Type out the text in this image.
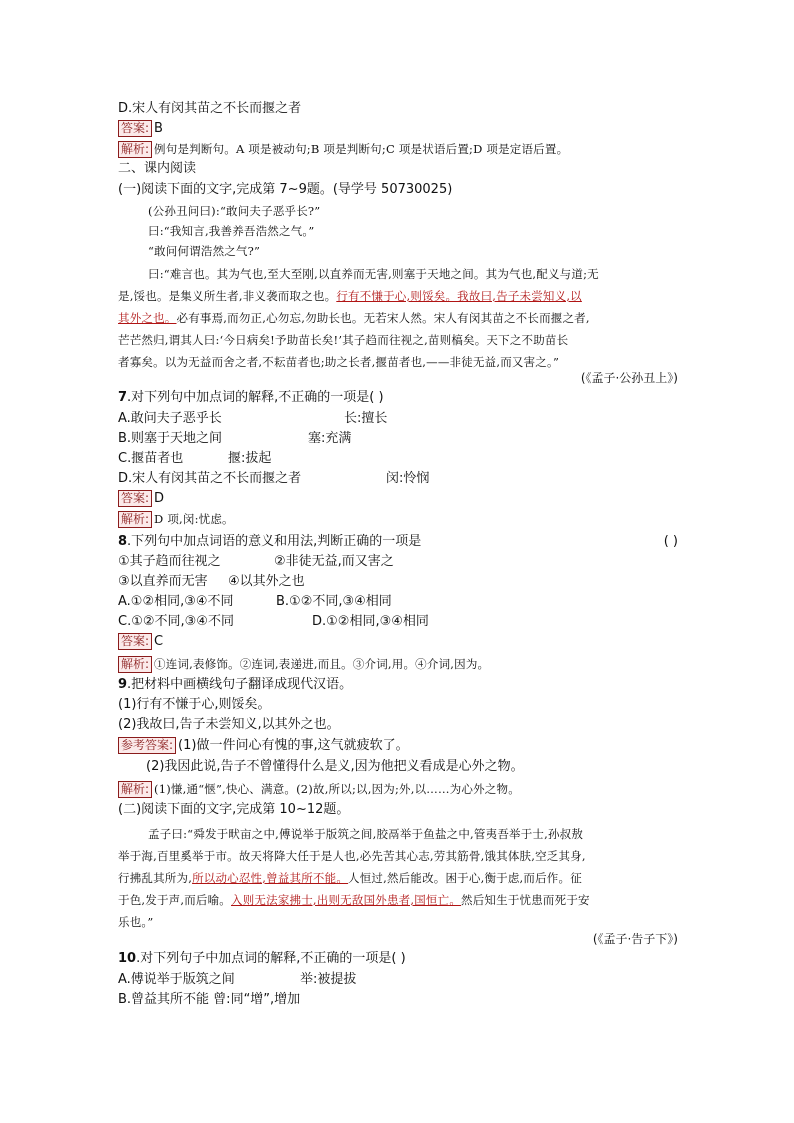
D.宋人有闵其苗之不长而揠之者
答案: B
解析: 例句是判断句。A 项是被动句;B 项是判断句;C 项是状语后置;D 项是定语后置。
二、课内阅读
(一)阅读下面的文字,完成第 7~9题。(导学号 50730025)
(公孙丑问曰):“敢问夫子恶乎长?”
曰:“我知言,我善养吾浩然之气。”
“敢问何谓浩然之气?”
曰:“难言也。其为气也,至大至刚,以直养而无害,则塞于天地之间。其为气也,配义与道;无
是,馁也。是集义所生者,非义袭而取之也。行有不慊于心,则馁矣。我故曰,告子未尝知义,以
其外之也。必有事焉,而勿正,心勿忘,勿助长也。无若宋人然。宋人有闵其苗之不长而揠之者,
芒芒然归,谓其人曰:‘今日病矣!予助苗长矣!’其子趋而往视之,苗则槁矣。天下之不助苗长
者寡矣。以为无益而舍之者,不耘苗者也;助之长者,揠苗者也,——非徒无益,而又害之。”
(《孟子·公孙丑上》)
7.对下列句中加点词的解释,不正确的一项是( )
A.敢问夫子恶乎长	长:擅长
B.则塞于天地之间	塞:充满
C.揠苗者也	揠:拔起
D.宋人有闵其苗之不长而揠之者	闵:怜悯
答案: D
解析: D 项,闵:忧虑。
8.下列句中加点词语的意义和用法,判断正确的一项是	( )
①其子趋而往视之	②非徒无益,而又害之
③以直养而无害 ④以其外之也
A.①②相同,③④不同	B.①②不同,③④相同
C.①②不同,③④不同	D.①②相同,③④相同
答案: C
解析: ①连词,表修饰。②连词,表递进,而且。③介词,用。④介词,因为。
9.把材料中画横线句子翻译成现代汉语。
(1)行有不慊于心,则馁矣。
(2)我故曰,告子未尝知义,以其外之也。
参考答案: (1)做一件问心有愧的事,这气就疲软了。
(2)我因此说,告子不曾懂得什么是义,因为他把义看成是心外之物。
解析: (1)慊,通“惬”,快心、满意。(2)故,所以;以,因为;外,以……为心外之物。
(二)阅读下面的文字,完成第 10~12题。
孟子曰:“舜发于畎亩之中,傅说举于版筑之间,胶鬲举于鱼盐之中,管夷吾举于士,孙叔敖
举于海,百里奚举于市。故天将降大任于是人也,必先苦其心志,劳其筋骨,饿其体肤,空乏其身,
行拂乱其所为,所以动心忍性,曾益其所不能。人恒过,然后能改。困于心,衡于虑,而后作。征
于色,发于声,而后喻。入则无法家拂士,出则无敌国外患者,国恒亡。然后知生于忧患而死于安
乐也。”
(《孟子·告子下》)
10.对下列句子中加点词的解释,不正确的一项是( )
A.傅说举于版筑之间	举:被提拔
B.曾益其所不能 曾:同“增”,增加
